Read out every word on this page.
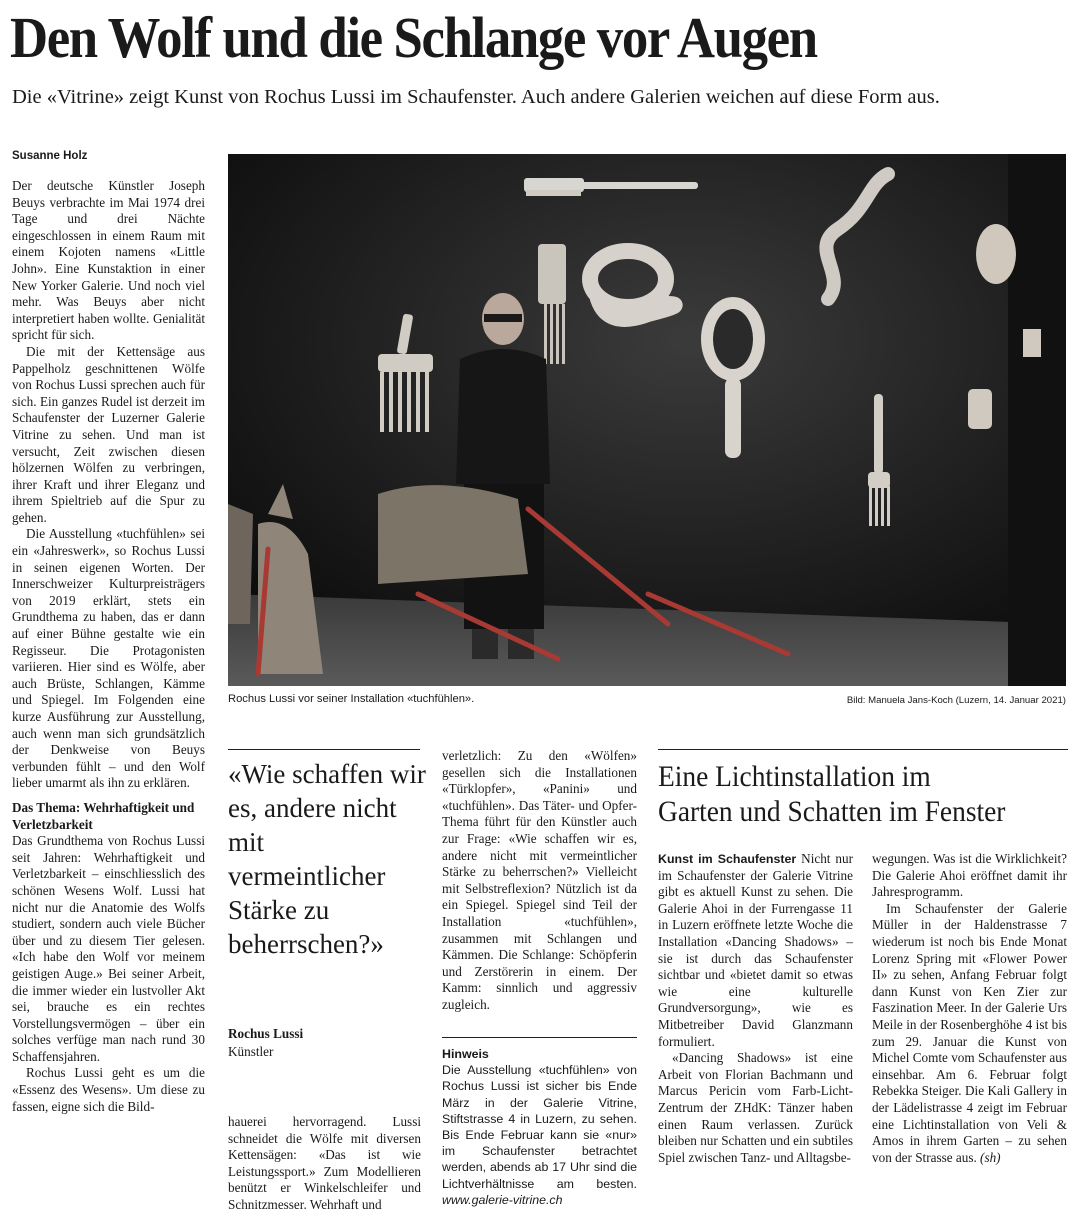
Den Wolf und die Schlange vor Augen
Die «Vitrine» zeigt Kunst von Rochus Lussi im Schaufenster. Auch andere Galerien weichen auf diese Form aus.
Susanne Holz

Der deutsche Künstler Joseph Beuys verbrachte im Mai 1974 drei Tage und drei Nächte eingeschlossen in einem Raum mit einem Kojoten namens «Little John». Eine Kunstaktion in einer New Yorker Galerie. Und noch viel mehr. Was Beuys aber nicht interpretiert haben wollte. Genialität spricht für sich.

Die mit der Kettensäge aus Pappelholz geschnittenen Wölfe von Rochus Lussi sprechen auch für sich. Ein ganzes Rudel ist derzeit im Schaufenster der Luzerner Galerie Vitrine zu sehen. Und man ist versucht, Zeit zwischen diesen hölzernen Wölfen zu verbringen, ihrer Kraft und ihrer Eleganz und ihrem Spieltrieb auf die Spur zu gehen.

Die Ausstellung «tuchfühlen» sei ein «Jahreswerk», so Rochus Lussi in seinen eigenen Worten. Der Innerschweizer Kulturpreisträgers von 2019 erklärt, stets ein Grundthema zu haben, das er dann auf einer Bühne gestalte wie ein Regisseur. Die Protagonisten variieren. Hier sind es Wölfe, aber auch Brüste, Schlangen, Kämme und Spiegel. Im Folgenden eine kurze Ausführung zur Ausstellung, auch wenn man sich grundsätzlich der Denkweise von Beuys verbunden fühlt – und den Wolf lieber umarmt als ihn zu erklären.

Das Thema: Wehrhaftigkeit und Verletzbarkeit

Das Grundthema von Rochus Lussi seit Jahren: Wehrhaftigkeit und Verletzbarkeit – einschliesslich des schönen Wesens Wolf. Lussi hat nicht nur die Anatomie des Wolfs studiert, sondern auch viele Bücher über und zu diesem Tier gelesen. «Ich habe den Wolf vor meinem geistigen Auge.» Bei seiner Arbeit, die immer wieder ein lustvoller Akt sei, brauche es ein rechtes Vorstellungsvermögen – über ein solches verfüge man nach rund 30 Schaffensjahren.

Rochus Lussi geht es um die «Essenz des Wesens». Um diese zu fassen, eigne sich die Bild-

Rochus Lussi vor seiner Installation «tuchfühlen».	Bild: Manuela Jans-Koch (Luzern, 14. Januar 2021)
«Wie schaffen wir es, andere nicht mit vermeintlicher Stärke zu beherrschen?»
Rochus Lussi
Künstler

hauerei hervorragend. Lussi schneidet die Wölfe mit diversen Kettensägen: «Das ist wie Leistungssport.» Zum Modellieren benützt er Winkelschleifer und Schnitzmesser. Wehrhaft und

verletzlich: Zu den «Wölfen» gesellen sich die Installationen «Türklopfer», «Panini» und «tuchfühlen». Das Täter- und Opfer-Thema führt für den Künstler auch zur Frage: «Wie schaffen wir es, andere nicht mit vermeintlicher Stärke zu beherrschen?» Vielleicht mit Selbstreflexion? Nützlich ist da ein Spiegel. Spiegel sind Teil der Installation «tuchfühlen», zusammen mit Schlangen und Kämmen. Die Schlange: Schöpferin und Zerstörerin in einem. Der Kamm: sinnlich und aggressiv zugleich.

Hinweis
Die Ausstellung «tuchfühlen» von Rochus Lussi ist sicher bis Ende März in der Galerie Vitrine, Stiftstrasse 4 in Luzern, zu sehen. Bis Ende Februar kann sie «nur» im Schaufenster betrachtet werden, abends ab 17 Uhr sind die Lichtverhältnisse am besten. www.galerie-vitrine.ch
Eine Lichtinstallation im
Garten und Schatten im Fenster

Kunst im Schaufenster Nicht nur im Schaufenster der Galerie Vitrine gibt es aktuell Kunst zu sehen. Die Galerie Ahoi in der Furrengasse 11 in Luzern eröffnete letzte Woche die Installation «Dancing Shadows» – sie ist durch das Schaufenster sichtbar und «bietet damit so etwas wie eine kulturelle Grundversorgung», wie es Mitbetreiber David Glanzmann formuliert.

«Dancing Shadows» ist eine Arbeit von Florian Bachmann und Marcus Pericin vom Farb-Licht-Zentrum der ZHdK: Tänzer haben einen Raum verlassen. Zurück bleiben nur Schatten und ein subtiles Spiel zwischen Tanz- und Alltagsbe-

wegungen. Was ist die Wirklichkeit? Die Galerie Ahoi eröffnet damit ihr Jahresprogramm.

Im Schaufenster der Galerie Müller in der Haldenstrasse 7 wiederum ist noch bis Ende Monat Lorenz Spring mit «Flower Power II» zu sehen, Anfang Februar folgt dann Kunst von Ken Zier zur Faszination Meer. In der Galerie Urs Meile in der Rosenberghöhe 4 ist bis zum 29. Januar die Kunst von Michel Comte vom Schaufenster aus einsehbar. Am 6. Februar folgt Rebekka Steiger. Die Kali Gallery in der Lädelistrasse 4 zeigt im Februar eine Lichtinstallation von Veli & Amos in ihrem Garten – zu sehen von der Strasse aus. (sh)
